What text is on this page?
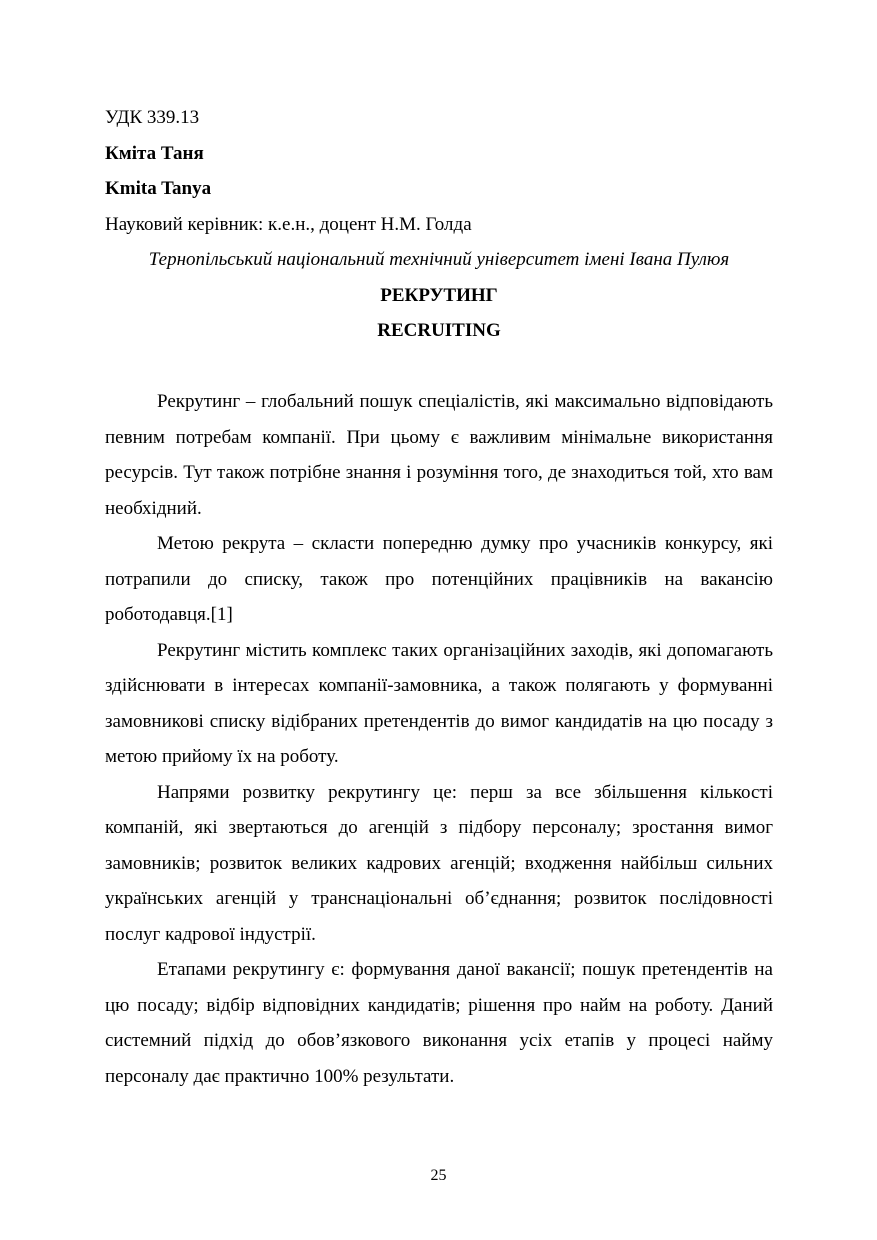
УДК 339.13

Кміта Таня

Kmita Tanya

Науковий керівник: к.е.н., доцент Н.М. Голда

Тернопільський національний технічний університет імені Івана Пулюя

РЕКРУТИНГ

RECRUITING

Рекрутинг – глобальний пошук спеціалістів, які максимально відповідають певним потребам компанії. При цьому є важливим мінімальне використання ресурсів. Тут також потрібне знання і розуміння того, де знаходиться той, хто вам необхідний.

Метою рекрута – скласти попередню думку про учасників конкурсу, які потрапили до списку, також про потенційних працівників на вакансію роботодавця.[1]

Рекрутинг містить комплекс таких організаційних заходів, які допомагають здійснювати в інтересах компанії-замовника, а також полягають у формуванні замовникові списку відібраних претендентів до вимог кандидатів на цю посаду з метою прийому їх на роботу.

Напрями розвитку рекрутингу це: перш за все збільшення кількості компаній, які звертаються до агенцій з підбору персоналу; зростання вимог замовників; розвиток великих кадрових агенцій; входження найбільш сильних українських агенцій у транснаціональні об’єднання; розвиток послідовності послуг кадрової індустрії.

Етапами рекрутингу є: формування даної вакансії; пошук претендентів на цю посаду; відбір відповідних кандидатів; рішення про найм на роботу. Даний системний підхід до обов’язкового виконання усіх етапів у процесі найму персоналу дає практично 100% результати.

25
